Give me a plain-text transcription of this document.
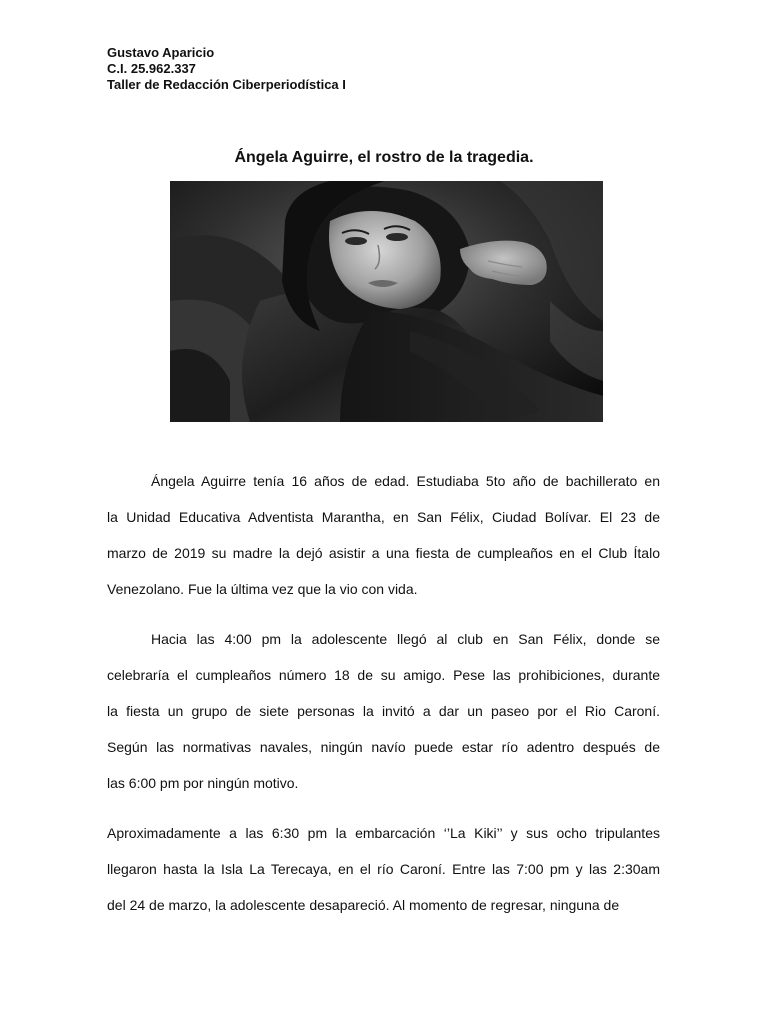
Gustavo Aparicio
C.I. 25.962.337
Taller de Redacción Ciberperiodística I
Ángela Aguirre, el rostro de la tragedia.
Ángela Aguirre tenía 16 años de edad. Estudiaba 5to año de bachillerato en
la Unidad Educativa Adventista Marantha, en San Félix, Ciudad Bolívar. El 23 de
marzo de 2019 su madre la dejó asistir a una fiesta de cumpleaños en el Club Ítalo
Venezolano. Fue la última vez que la vio con vida.
Hacia las 4:00 pm la adolescente llegó al club en San Félix, donde se
celebraría el cumpleaños número 18 de su amigo. Pese las prohibiciones, durante
la fiesta un grupo de siete personas la invitó a dar un paseo por el Rio Caroní.
Según las normativas navales, ningún navío puede estar río adentro después de
las 6:00 pm por ningún motivo.
Aproximadamente a las 6:30 pm la embarcación ‘’La Kiki’’ y sus ocho tripulantes
llegaron hasta la Isla La Terecaya, en el río Caroní. Entre las 7:00 pm y las 2:30am
del 24 de marzo, la adolescente desapareció. Al momento de regresar, ninguna de
